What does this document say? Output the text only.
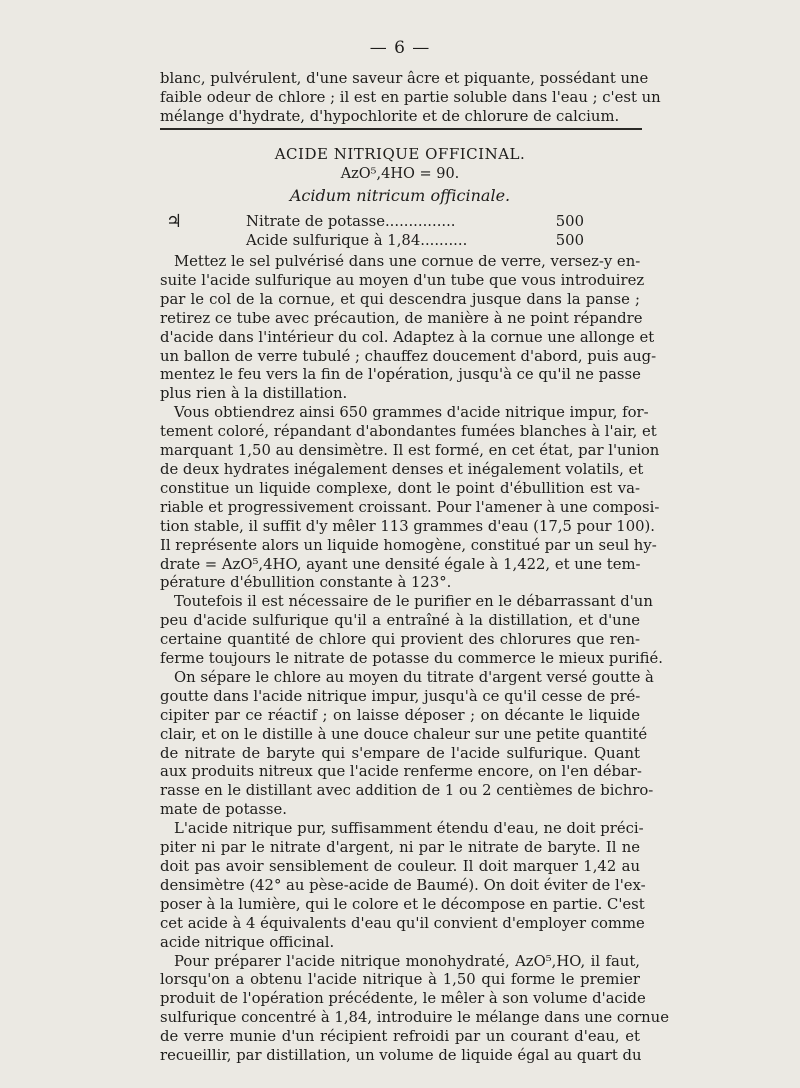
— 6 —

blanc, pulvérulent, d'une saveur âcre et piquante, possédant une
faible odeur de chlore ; il est en partie soluble dans l'eau ; c'est un
mélange d'hydrate, d'hypochlorite et de chlorure de calcium.

ACIDE NITRIQUE OFFICINAL.
AzO⁵,4HO = 90.
Acidum nitricum officinale.
♃	Nitrate de potasse...............	500
Acide sulfurique à 1,84..........	500

Mettez le sel pulvérisé dans une cornue de verre, versez-y en-
suite l'acide sulfurique au moyen d'un tube que vous introduirez
par le col de la cornue, et qui descendra jusque dans la panse ;
retirez ce tube avec précaution, de manière à ne point répandre
d'acide dans l'intérieur du col. Adaptez à la cornue une allonge et
un ballon de verre tubulé ; chauffez doucement d'abord, puis aug-
mentez le feu vers la fin de l'opération, jusqu'à ce qu'il ne passe
plus rien à la distillation.

Vous obtiendrez ainsi 650 grammes d'acide nitrique impur, for-
tement coloré, répandant d'abondantes fumées blanches à l'air, et
marquant 1,50 au densimètre. Il est formé, en cet état, par l'union
de deux hydrates inégalement denses et inégalement volatils, et
constitue un liquide complexe, dont le point d'ébullition est va-
riable et progressivement croissant. Pour l'amener à une composi-
tion stable, il suffit d'y mêler 113 grammes d'eau (17,5 pour 100).
Il représente alors un liquide homogène, constitué par un seul hy-
drate = AzO⁵,4HO, ayant une densité égale à 1,422, et une tem-
pérature d'ébullition constante à 123°.

Toutefois il est nécessaire de le purifier en le débarrassant d'un
peu d'acide sulfurique qu'il a entraîné à la distillation, et d'une
certaine quantité de chlore qui provient des chlorures que ren-
ferme toujours le nitrate de potasse du commerce le mieux purifié.

On sépare le chlore au moyen du titrate d'argent versé goutte à
goutte dans l'acide nitrique impur, jusqu'à ce qu'il cesse de pré-
cipiter par ce réactif ; on laisse déposer ; on décante le liquide
clair, et on le distille à une douce chaleur sur une petite quantité
de nitrate de baryte qui s'empare de l'acide sulfurique. Quant
aux produits nitreux que l'acide renferme encore, on l'en débar-
rasse en le distillant avec addition de 1 ou 2 centièmes de bichro-
mate de potasse.

L'acide nitrique pur, suffisamment étendu d'eau, ne doit préci-
piter ni par le nitrate d'argent, ni par le nitrate de baryte. Il ne
doit pas avoir sensiblement de couleur. Il doit marquer 1,42 au
densimètre (42° au pèse-acide de Baumé). On doit éviter de l'ex-
poser à la lumière, qui le colore et le décompose en partie. C'est
cet acide à 4 équivalents d'eau qu'il convient d'employer comme
acide nitrique officinal.

Pour préparer l'acide nitrique monohydraté, AzO⁵,HO, il faut,
lorsqu'on a obtenu l'acide nitrique à 1,50 qui forme le premier
produit de l'opération précédente, le mêler à son volume d'acide
sulfurique concentré à 1,84, introduire le mélange dans une cornue
de verre munie d'un récipient refroidi par un courant d'eau, et
recueillir, par distillation, un volume de liquide égal au quart du
